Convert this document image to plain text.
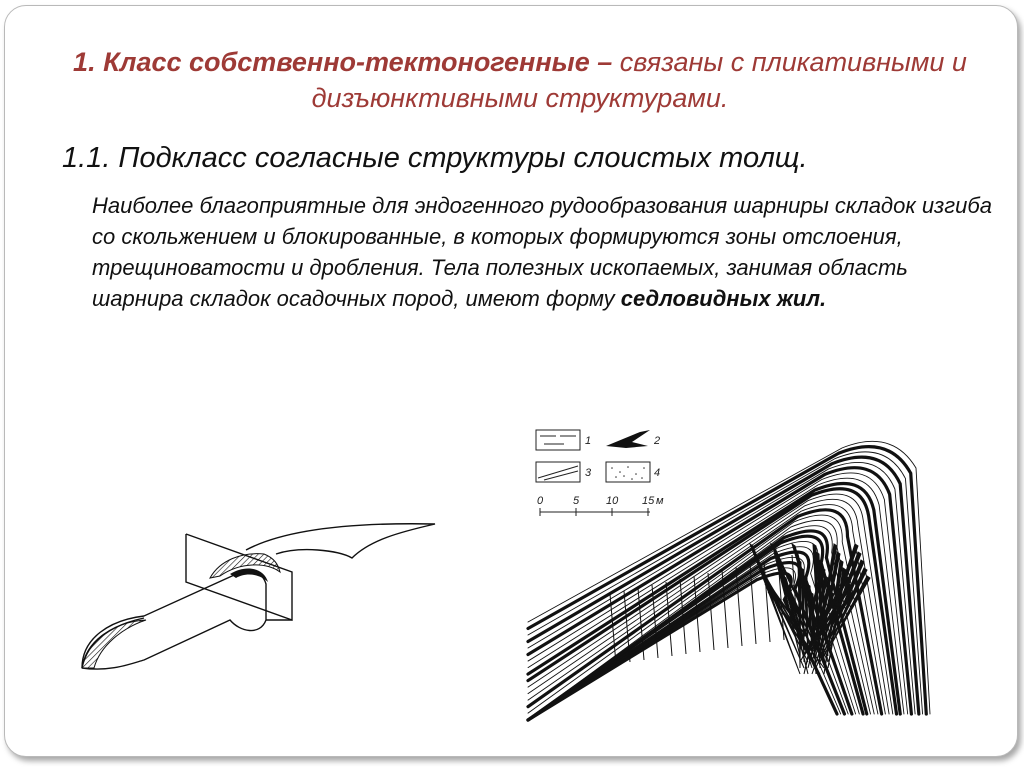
1. Класс собственно-тектоногенные – связаны с пликативными и дизъюнктивными структурами.
1.1. Подкласс согласные структуры слоистых толщ.
Наиболее благоприятные для эндогенного рудообразования шарниры складок изгиба со скольжением и блокированные, в которых формируются зоны отслоения, трещиноватости и дробления. Тела полезных ископаемых, занимая область шарнира складок осадочных пород, имеют форму седловидных жил.
1	2
3	4
0	5 10 15 м
